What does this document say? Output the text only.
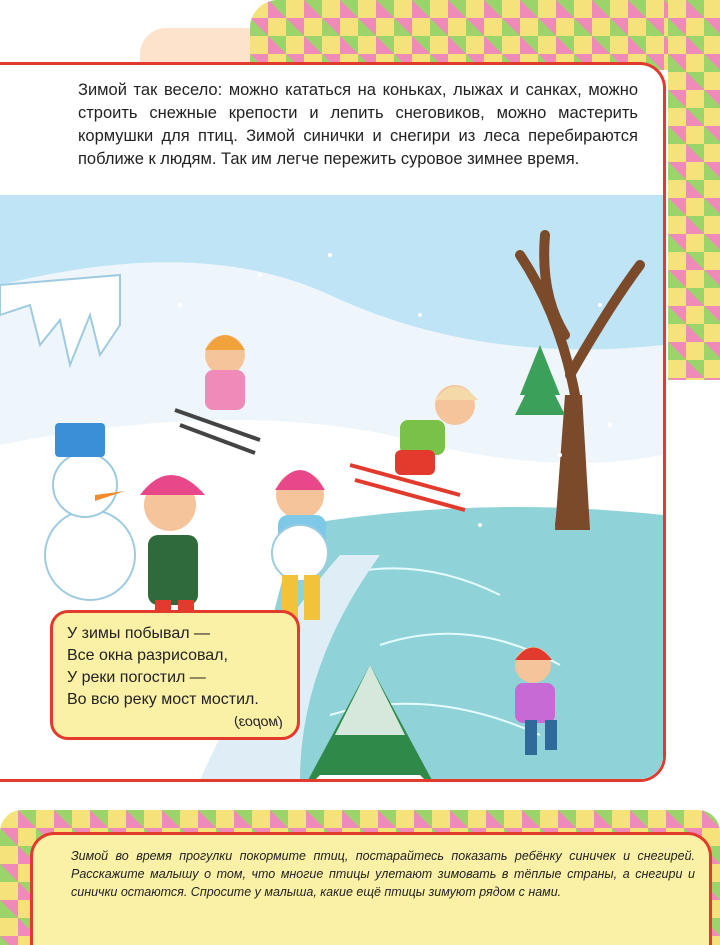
Зимой так весело: можно кататься на коньках, лыжах и санках, можно строить снежные крепости и лепить снеговиков, можно мастерить кормушки для птиц. Зимой синички и снегири из леса перебираются поближе к людям. Так им легче пережить суровое зимнее время.

У зимы побывал —
Все окна разрисовал,
У реки погостил —
Во всю реку мост мостил.
(мороз)

Зимой во время прогулки покормите птиц, постарайтесь показать ребёнку синичек и снегирей. Расскажите малышу о том, что многие птицы улетают зимовать в тёплые страны, а снегири и синички остаются. Спросите у малыша, какие ещё птицы зимуют рядом с нами.
